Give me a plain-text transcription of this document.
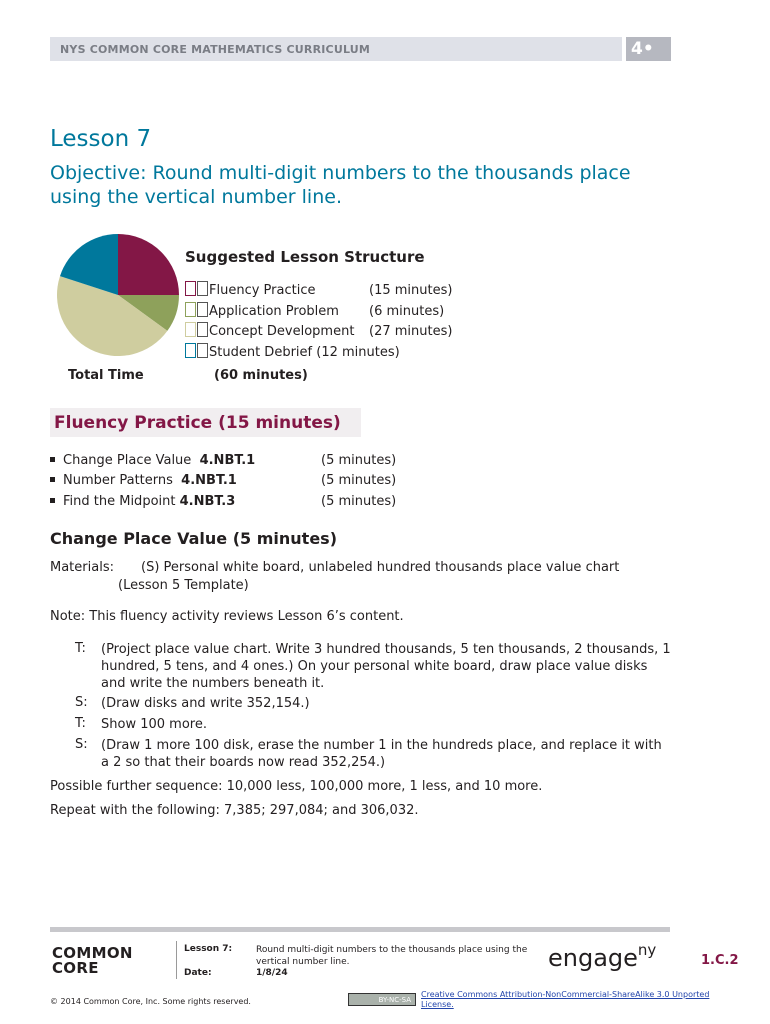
NYS COMMON CORE MATHEMATICS CURRICULUM	4•
Lesson 7
Objective: Round multi-digit numbers to the thousands place using the vertical number line.
Suggested Lesson Structure
Fluency Practice	(15 minutes)
Application Problem (6 minutes)
Concept Development (27 minutes)
Student Debrief (12 minutes)
Total Time	(60 minutes)
Fluency Practice (15 minutes)
Change Place Value 4.NBT.1	(5 minutes)
Number Patterns 4.NBT.1	(5 minutes)
Find the Midpoint 4.NBT.3	(5 minutes)
Change Place Value (5 minutes)
Materials: (S) Personal white board, unlabeled hundred thousands place value chart
(Lesson 5 Template)
Note: This fluency activity reviews Lesson 6’s content.
T: (Project place value chart. Write 3 hundred thousands, 5 ten thousands, 2 thousands, 1 hundred, 5 tens, and 4 ones.) On your personal white board, draw place value disks and write the numbers beneath it.
S: (Draw disks and write 352,154.)
T: Show 100 more.
S: (Draw 1 more 100 disk, erase the number 1 in the hundreds place, and replace it with a 2 so that their boards now read 352,254.)
Possible further sequence: 10,000 less, 100,000 more, 1 less, and 10 more.
Repeat with the following: 7,385; 297,084; and 306,032.
COMMON
CORE
Lesson 7:	Round multi-digit numbers to the thousands place using the vertical number line.
Date:	1/8/24
engage$^{ny}$
1.C.2
© 2014 Common Core, Inc. Some rights reserved.	BY-NC-SA
Creative Commons Attribution-NonCommercial-ShareAlike 3.0 Unported License.
